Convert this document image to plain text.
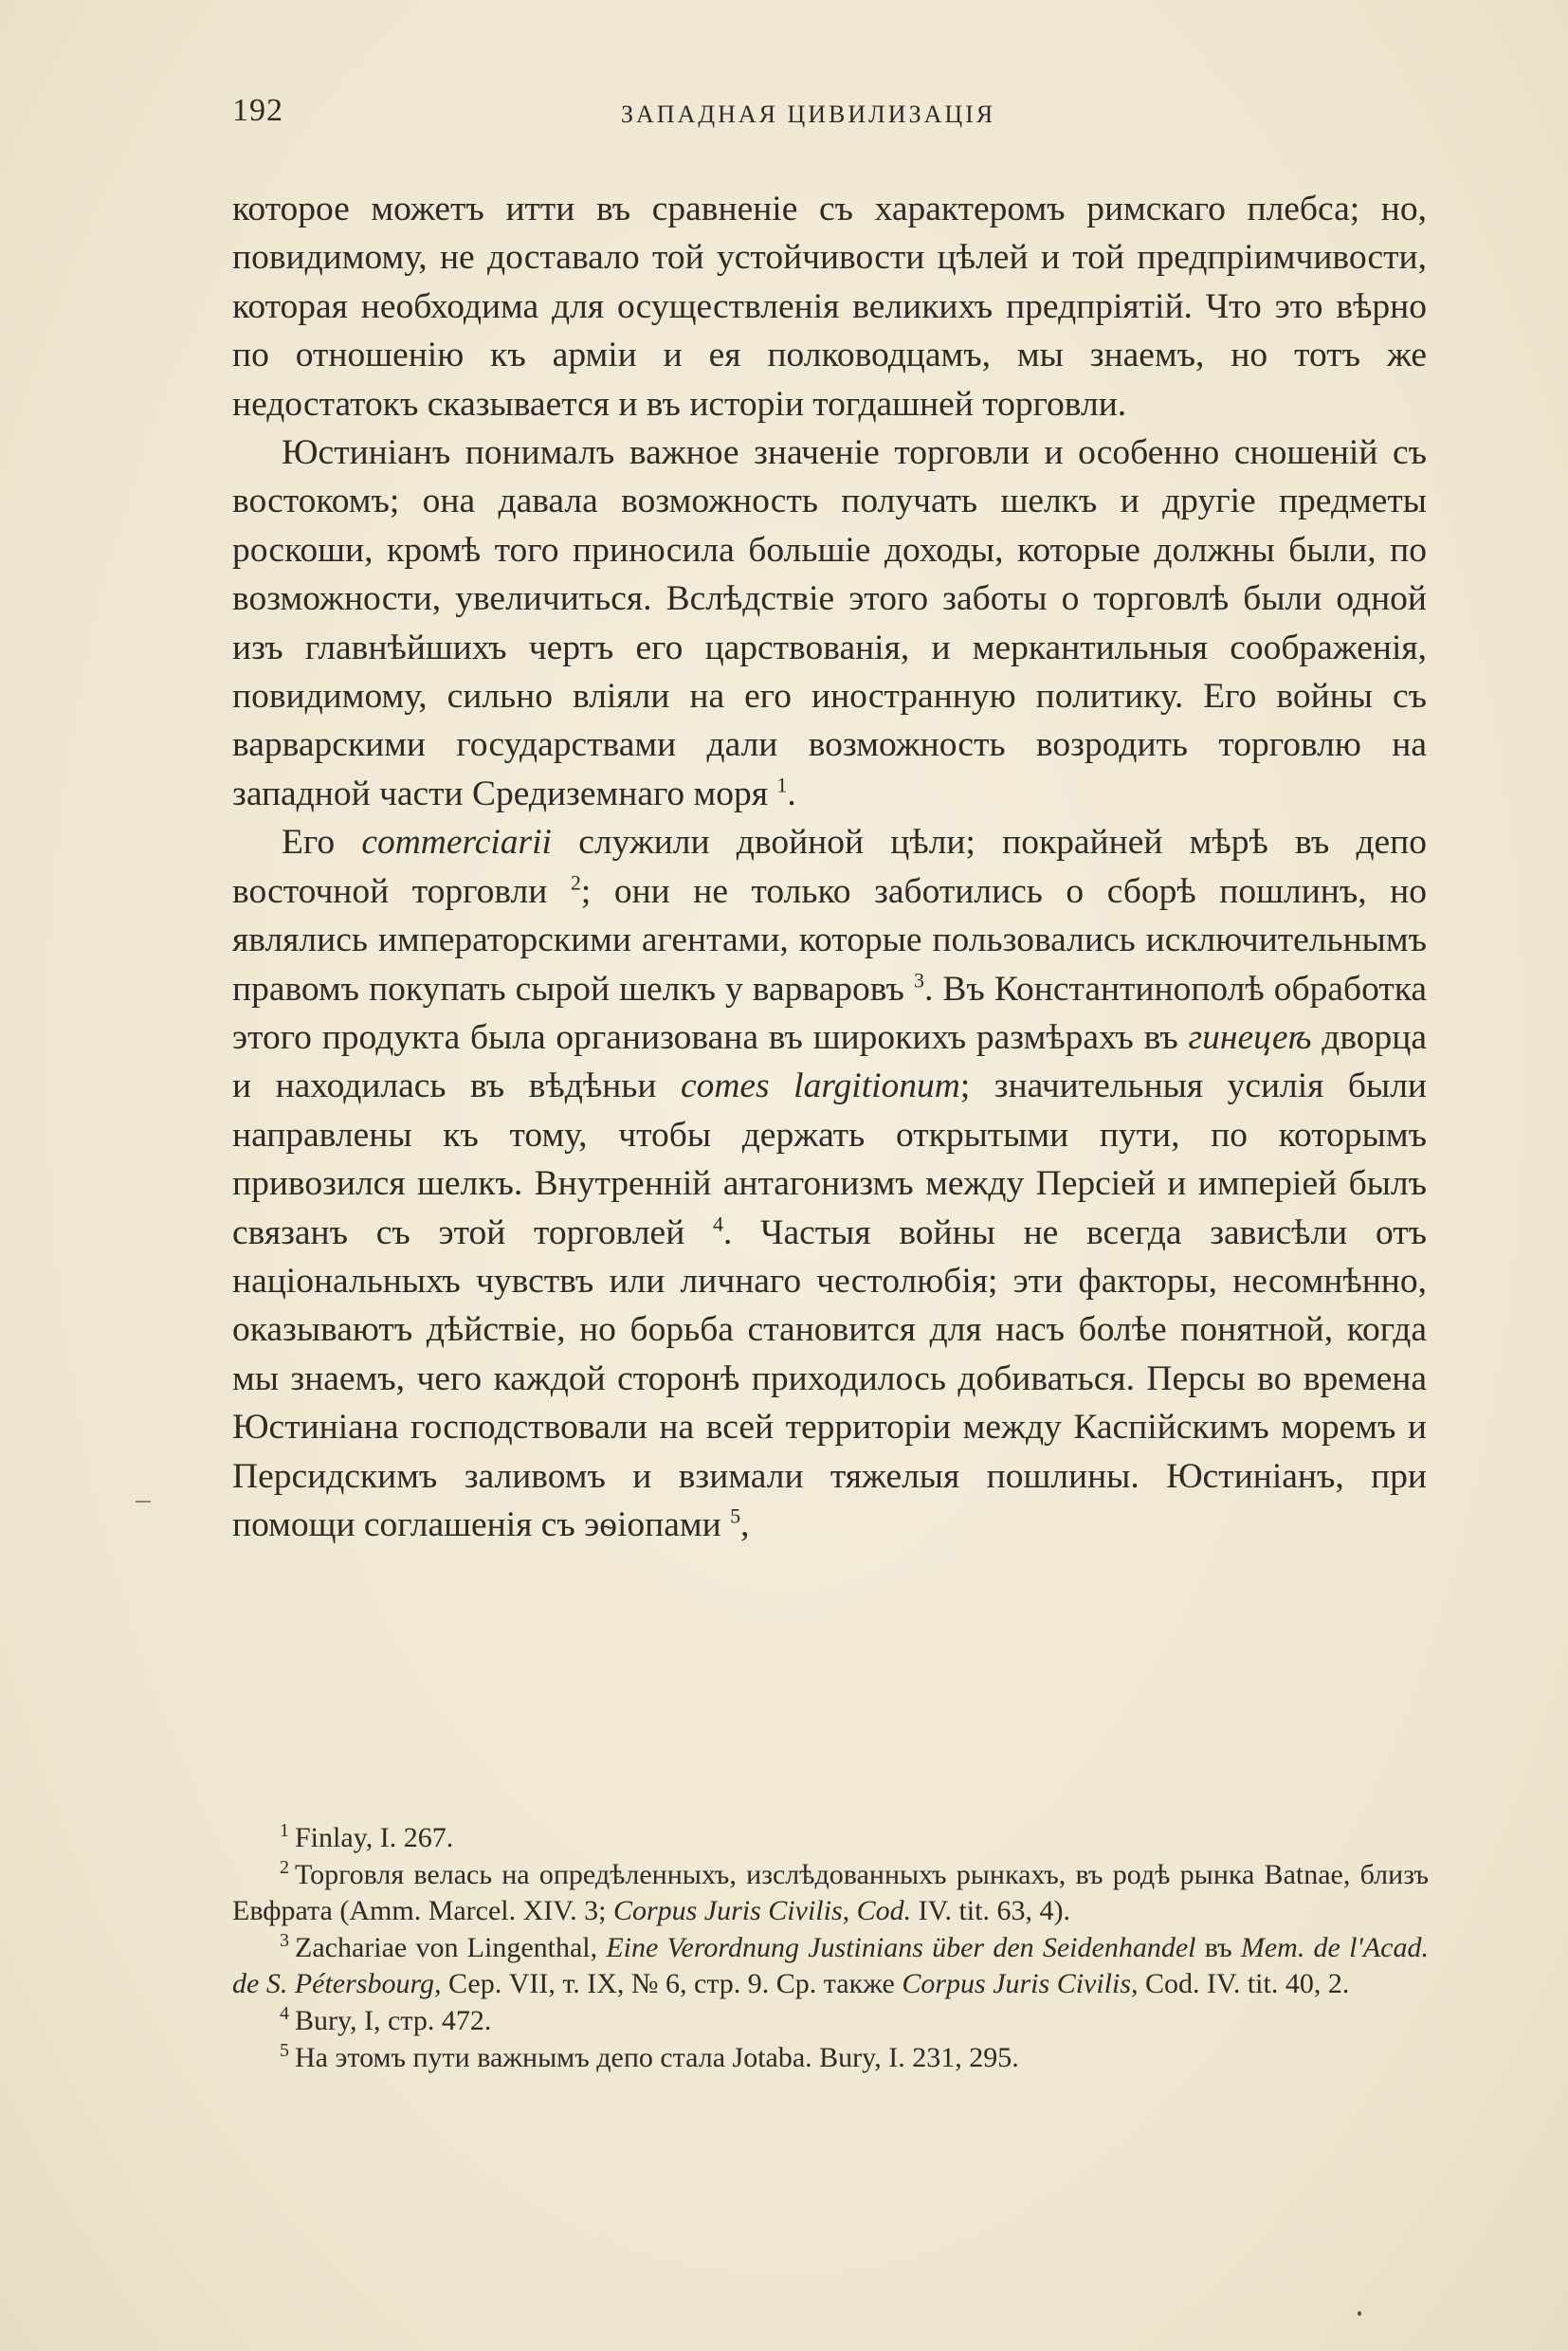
192	ЗАПАДНАЯ ЦИВИЛИЗАЦІЯ

которое можетъ итти въ сравненіе съ характеромъ римскаго плебса; но, повидимому, не доставало той устойчивости цѣлей и той предпріимчивости, которая необходима для осуществленія великихъ предпріятій. Что это вѣрно по отношенію къ арміи и ея полководцамъ, мы знаемъ, но тотъ же недостатокъ сказывается и въ исторіи тогдашней торговли.

Юстиніанъ понималъ важное значеніе торговли и особенно сношеній съ востокомъ; она давала возможность получать шелкъ и другіе предметы роскоши, кромѣ того приносила большіе доходы, которые должны были, по возможности, увеличиться. Вслѣдствіе этого заботы о торговлѣ были одной изъ главнѣйшихъ чертъ его царствованія, и меркантильныя соображенія, повидимому, сильно вліяли на его иностранную политику. Его войны съ варварскими государствами дали возможность возродить торговлю на западной части Средиземнаго моря $^1$.

Его commerciarii служили двойной цѣли; покрайней мѣрѣ въ депо восточной торговли $^2$; они не только заботились о сборѣ пошлинъ, но являлись императорскими агентами, которые пользовались исключительнымъ правомъ покупать сырой шелкъ у варваровъ $^3$. Въ Константинополѣ обработка этого продукта была организована въ широкихъ размѣрахъ въ гинецеѣ дворца и находилась въ вѣдѣньи comes largitionum; значительныя усилія были направлены къ тому, чтобы держать открытыми пути, по которымъ привозился шелкъ. Внутренній антагонизмъ между Персіей и имперіей былъ связанъ съ этой торговлей $^4$. Частыя войны не всегда зависѣли отъ національныхъ чувствъ или личнаго честолюбія; эти факторы, несомнѣнно, оказываютъ дѣйствіе, но борьба становится для насъ болѣе понятной, когда мы знаемъ, чего каждой сторонѣ приходилось добиваться. Персы во времена Юстиніана господствовали на всей территоріи между Каспійскимъ моремъ и Персидскимъ заливомъ и взимали тяжелыя пошлины. Юстиніанъ, при помощи соглашенія съ эѳіопами $^5$,

$^1$ Finlay, I. 267.

$^2$ Торговля велась на опредѣленныхъ, изслѣдованныхъ рынкахъ, въ родѣ рынка Batnae, близъ Евфрата (Amm. Marcel. XIV. 3; Corpus Juris Civilis, Cod. IV. tit. 63, 4).

$^3$ Zachariae von Lingenthal, Eine Verordnung Justinians über den Seidenhandel въ Mem. de l'Acad. de S. Pétersbourg, Сер. VII, т. IX, № 6, стр. 9. Ср. также Corpus Juris Civilis, Cod. IV. tit. 40, 2.

$^4$ Bury, I, стр. 472.

$^5$ На этомъ пути важнымъ депо стала Jotaba. Bury, I. 231, 295.
